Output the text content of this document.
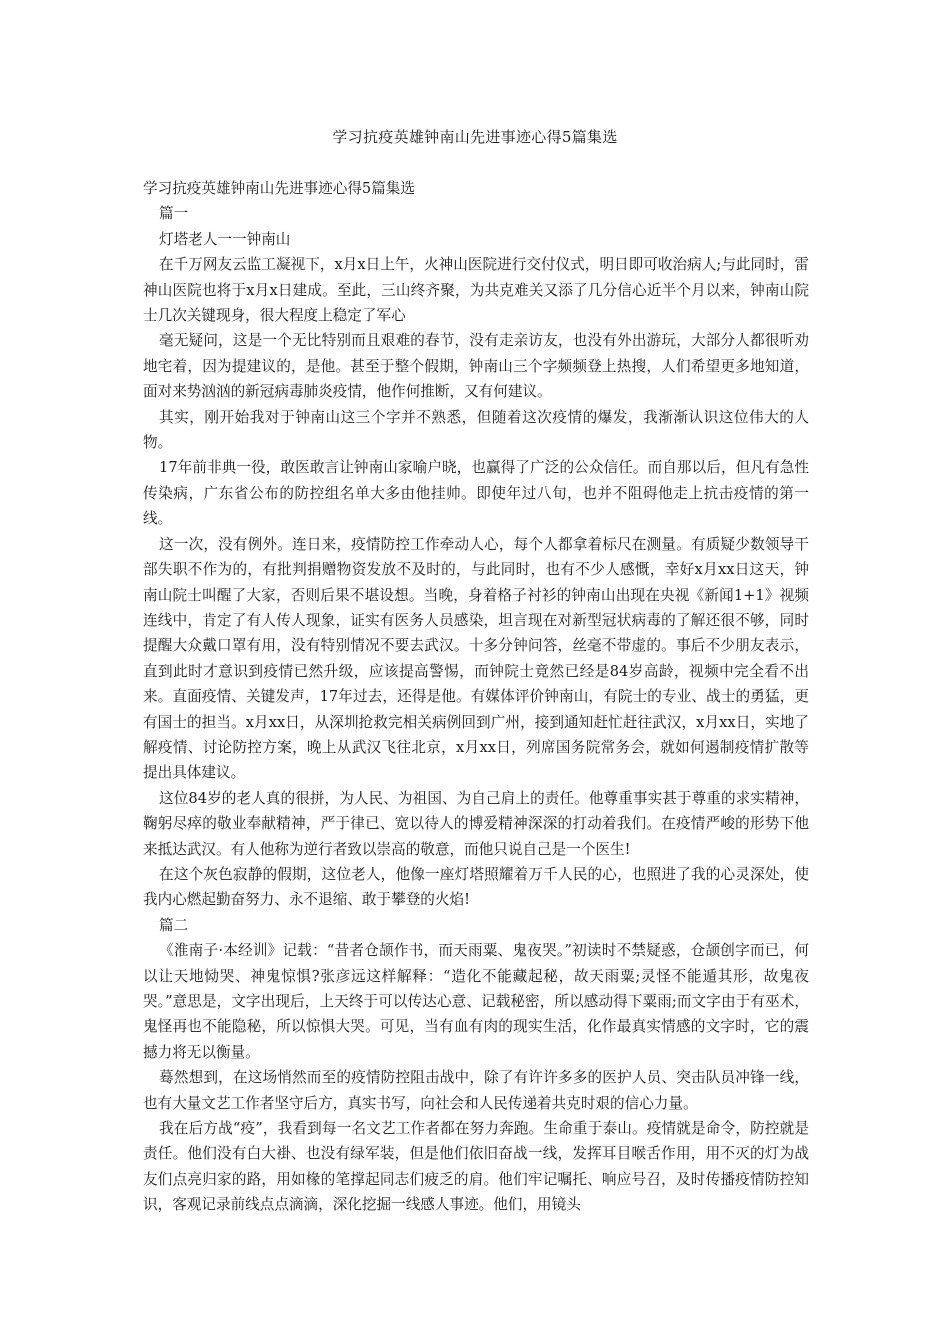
学习抗疫英雄钟南山先进事迹心得5篇集选

学习抗疫英雄钟南山先进事迹心得5篇集选

篇一

灯塔老人一一钟南山

在千万网友云监工凝视下，x月x日上午，火神山医院进行交付仪式，明日即可收治病人;与此同时，雷神山医院也将于x月x日建成。至此，三山终齐聚，为共克难关又添了几分信心近半个月以来，钟南山院士几次关键现身，很大程度上稳定了军心

毫无疑问，这是一个无比特别而且艰难的春节，没有走亲访友，也没有外出游玩，大部分人都很听劝地宅着，因为提建议的，是他。甚至于整个假期，钟南山三个字频频登上热搜，人们希望更多地知道，面对来势汹汹的新冠病毒肺炎疫情，他作何推断，又有何建议。

其实，刚开始我对于钟南山这三个字并不熟悉，但随着这次疫情的爆发，我渐渐认识这位伟大的人物。

17年前非典一役，敢医敢言让钟南山家喻户晓，也赢得了广泛的公众信任。而自那以后，但凡有急性传染病，广东省公布的防控组名单大多由他挂帅。即使年过八旬，也并不阻碍他走上抗击疫情的第一线。

这一次，没有例外。连日来，疫情防控工作牵动人心，每个人都拿着标尺在测量。有质疑少数领导干部失职不作为的，有批判捐赠物资发放不及时的，与此同时，也有不少人感慨，幸好x月xx日这天，钟南山院士叫醒了大家，否则后果不堪设想。当晚，身着格子衬衫的钟南山出现在央视《新闻1+1》视频连线中，肯定了有人传人现象，证实有医务人员感染，坦言现在对新型冠状病毒的了解还很不够，同时提醒大众戴口罩有用，没有特别情况不要去武汉。十多分钟问答，丝毫不带虚的。事后不少朋友表示，直到此时才意识到疫情已然升级，应该提高警惕，而钟院士竟然已经是84岁高龄，视频中完全看不出来。直面疫情、关键发声，17年过去，还得是他。有媒体评价钟南山，有院士的专业、战士的勇猛，更有国士的担当。x月xx日，从深圳抢救完相关病例回到广州，接到通知赶忙赶往武汉，x月xx日，实地了解疫情、讨论防控方案，晚上从武汉飞往北京，x月xx日，列席国务院常务会，就如何遏制疫情扩散等提出具体建议。

这位84岁的老人真的很拼，为人民、为祖国、为自己肩上的责任。他尊重事实甚于尊重的求实精神，鞠躬尽瘁的敬业奉献精神，严于律已、宽以待人的博爱精神深深的打动着我们。在疫情严峻的形势下他来抵达武汉。有人他称为逆行者致以崇高的敬意，而他只说自己是一个医生!

在这个灰色寂静的假期，这位老人，他像一座灯塔照耀着万千人民的心，也照进了我的心灵深处，使我内心燃起勤奋努力、永不退缩、敢于攀登的火焰!

篇二

《淮南子·本经训》记载：“昔者仓颉作书，而天雨粟、鬼夜哭。”初读时不禁疑惑，仓颉创字而已，何以让天地恸哭、神鬼惊惧?张彦远这样解释：“造化不能藏起秘，故天雨粟;灵怪不能遁其形，故鬼夜哭。”意思是，文字出现后，上天终于可以传达心意、记载秘密，所以感动得下粟雨;而文字由于有巫术，鬼怪再也不能隐秘，所以惊惧大哭。可见，当有血有肉的现实生活，化作最真实情感的文字时，它的震撼力将无以衡量。

蓦然想到，在这场悄然而至的疫情防控阻击战中，除了有许许多多的医护人员、突击队员冲锋一线，也有大量文艺工作者坚守后方，真实书写，向社会和人民传递着共克时艰的信心力量。

我在后方战“疫”，我看到每一名文艺工作者都在努力奔跑。生命重于泰山。疫情就是命令，防控就是责任。他们没有白大褂、也没有绿军装，但是他们依旧奋战一线，发挥耳目喉舌作用，用不灭的灯为战友们点亮归家的路，用如椽的笔撑起同志们疲乏的肩。他们牢记嘱托、响应号召，及时传播疫情防控知识，客观记录前线点点滴滴，深化挖掘一线感人事迹。他们，用镜头
